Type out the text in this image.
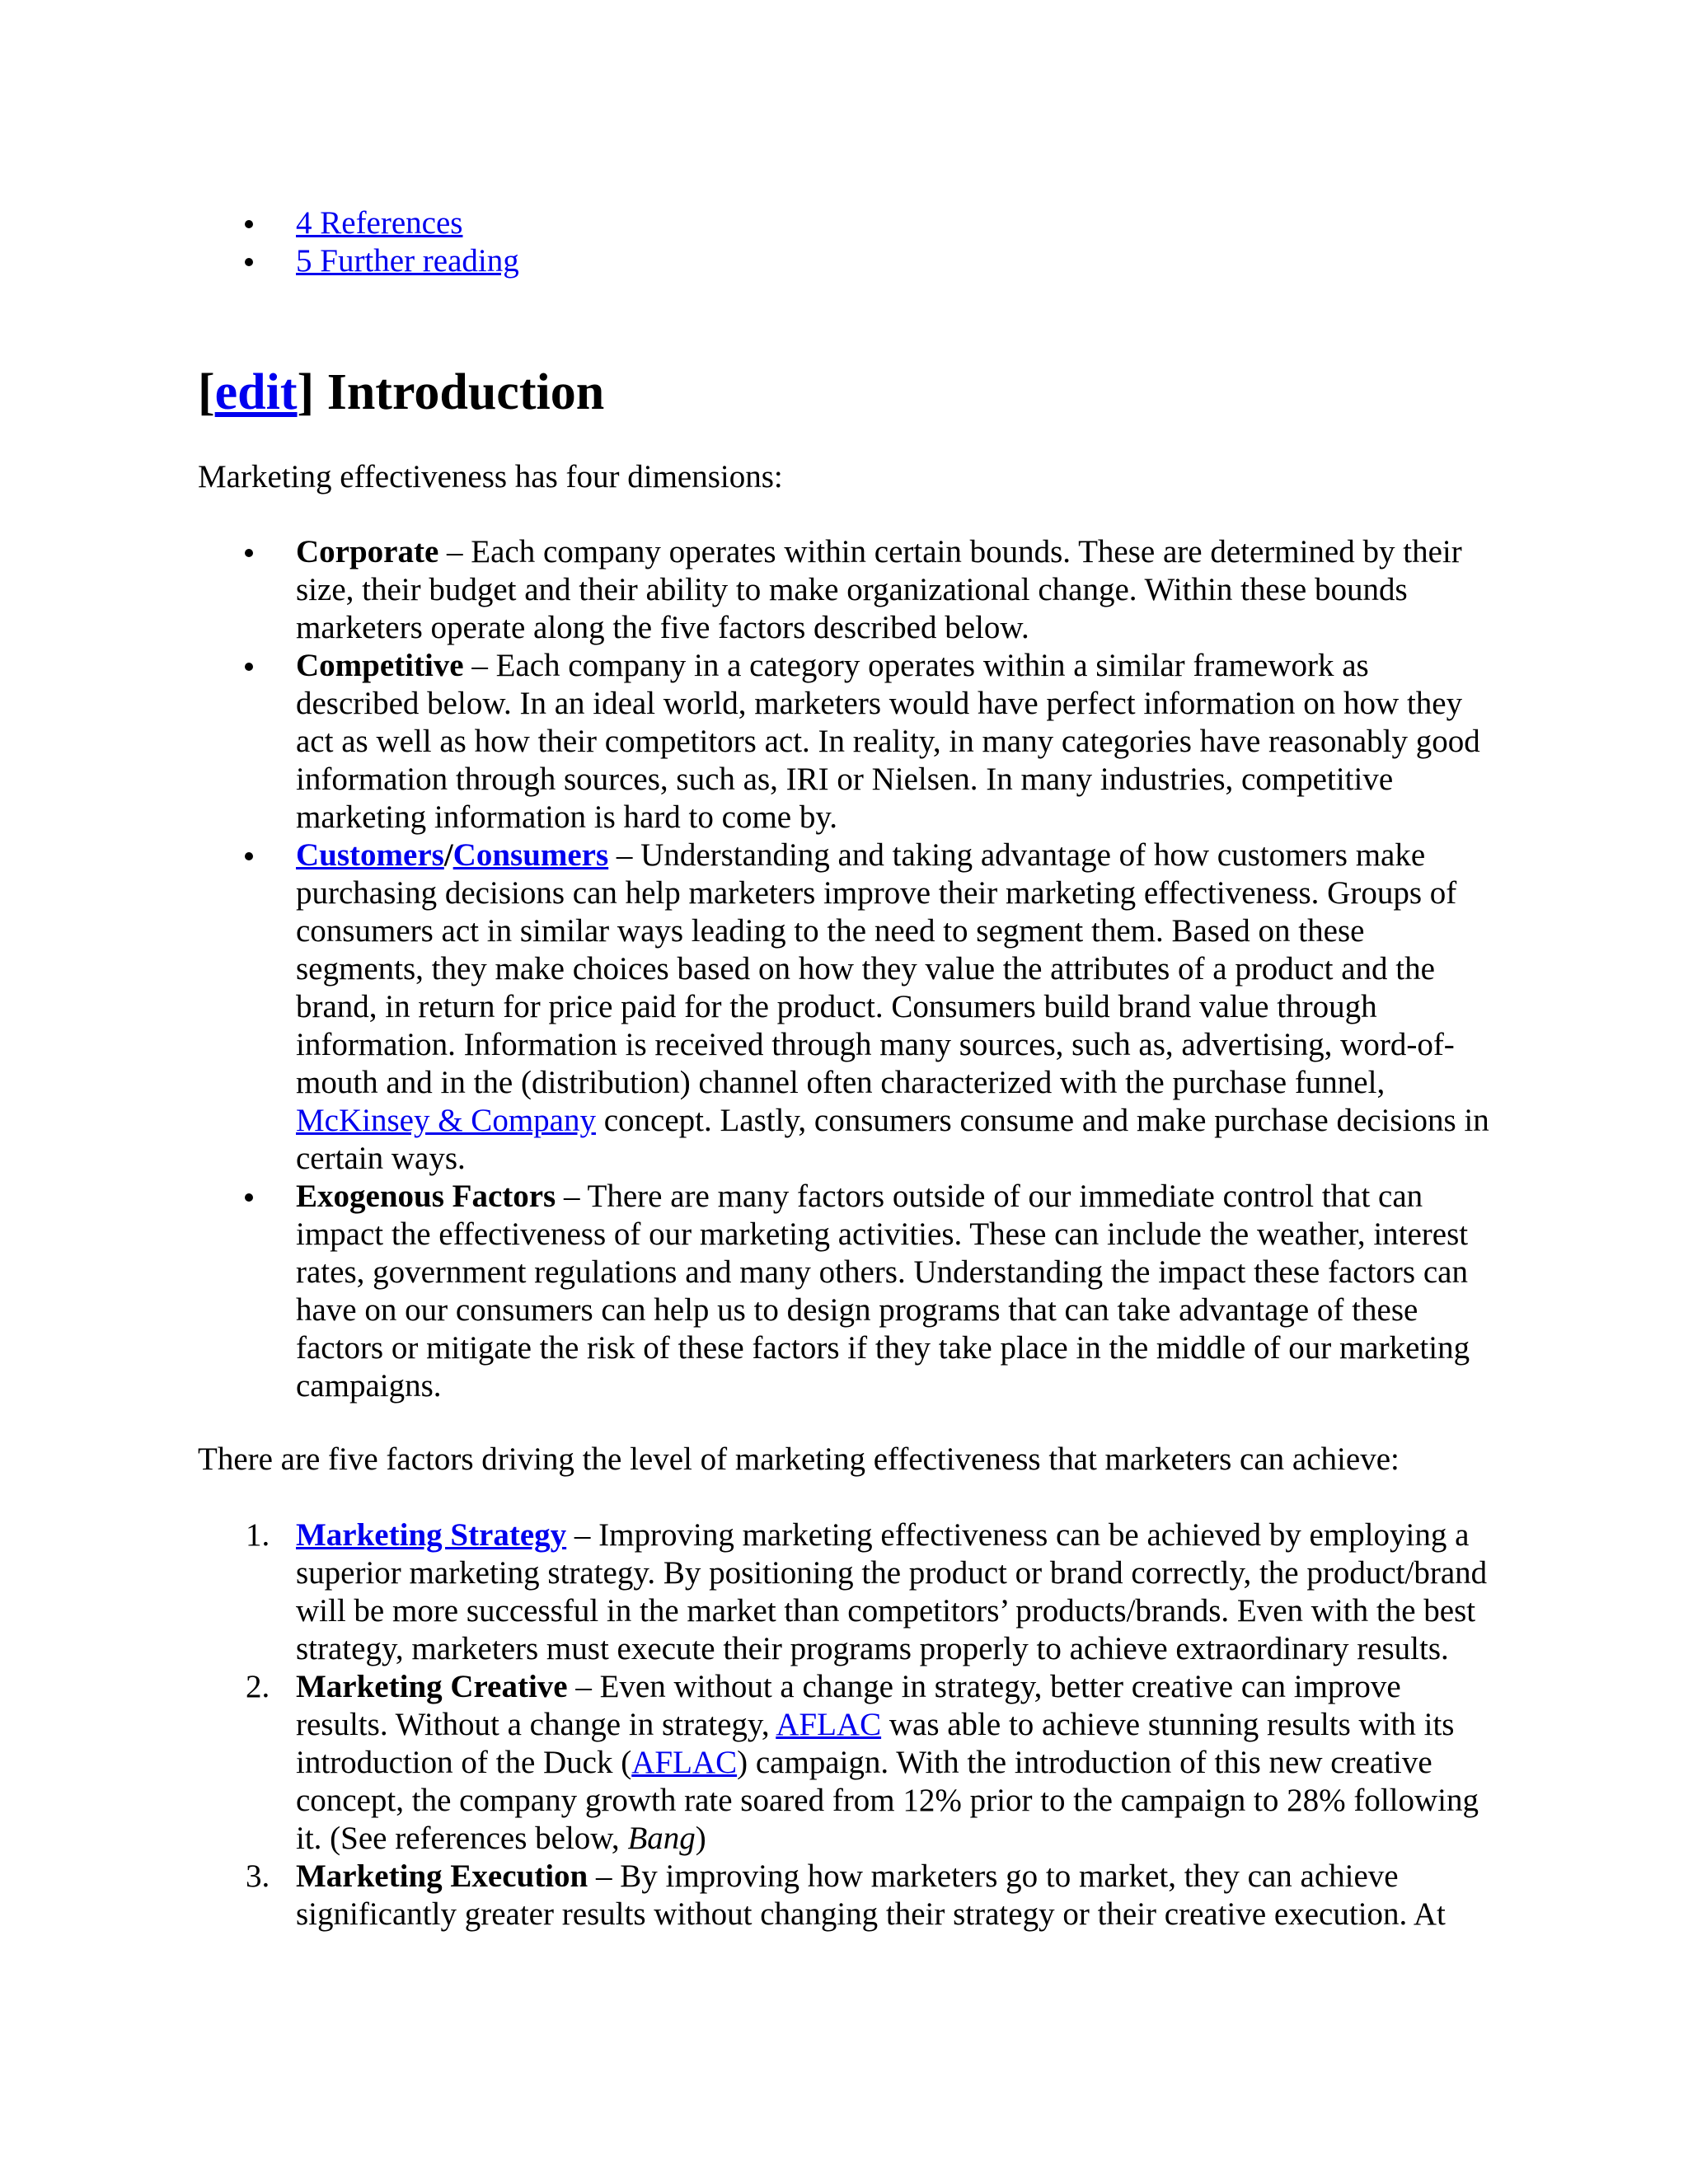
4 References
5 Further reading
[edit] Introduction

Marketing effectiveness has four dimensions:

Corporate – Each company operates within certain bounds. These are determined by their size, their budget and their ability to make organizational change. Within these bounds marketers operate along the five factors described below.
Competitive – Each company in a category operates within a similar framework as described below. In an ideal world, marketers would have perfect information on how they act as well as how their competitors act. In reality, in many categories have reasonably good information through sources, such as, IRI or Nielsen. In many industries, competitive marketing information is hard to come by.
Customers/Consumers – Understanding and taking advantage of how customers make purchasing decisions can help marketers improve their marketing effectiveness. Groups of consumers act in similar ways leading to the need to segment them. Based on these segments, they make choices based on how they value the attributes of a product and the brand, in return for price paid for the product. Consumers build brand value through information. Information is received through many sources, such as, advertising, word-of-mouth and in the (distribution) channel often characterized with the purchase funnel, McKinsey & Company concept. Lastly, consumers consume and make purchase decisions in certain ways.
Exogenous Factors – There are many factors outside of our immediate control that can impact the effectiveness of our marketing activities. These can include the weather, interest rates, government regulations and many others. Understanding the impact these factors can have on our consumers can help us to design programs that can take advantage of these factors or mitigate the risk of these factors if they take place in the middle of our marketing campaigns.

There are five factors driving the level of marketing effectiveness that marketers can achieve:

1. Marketing Strategy – Improving marketing effectiveness can be achieved by employing a superior marketing strategy. By positioning the product or brand correctly, the product/brand will be more successful in the market than competitors’ products/brands. Even with the best strategy, marketers must execute their programs properly to achieve extraordinary results.
2. Marketing Creative – Even without a change in strategy, better creative can improve results. Without a change in strategy, AFLAC was able to achieve stunning results with its introduction of the Duck (AFLAC) campaign. With the introduction of this new creative concept, the company growth rate soared from 12% prior to the campaign to 28% following it. (See references below, Bang)
3. Marketing Execution – By improving how marketers go to market, they can achieve significantly greater results without changing their strategy or their creative execution. At
